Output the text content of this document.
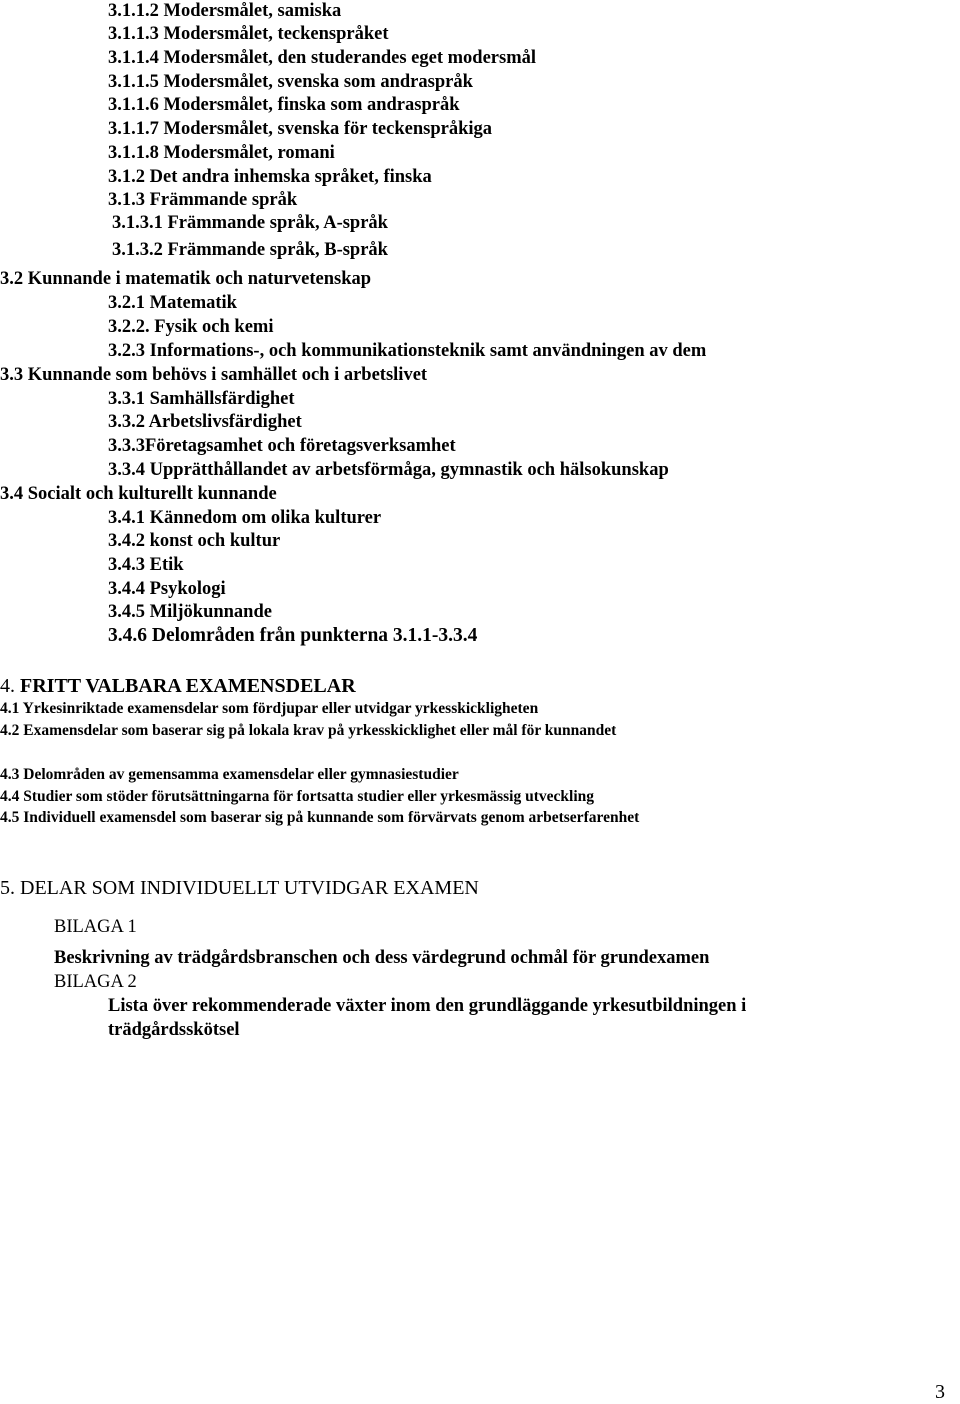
3.1.1.2 Modersmålet, samiska
3.1.1.3 Modersmålet, teckenspråket
3.1.1.4 Modersmålet, den studerandes eget modersmål
3.1.1.5 Modersmålet, svenska som andraspråk
3.1.1.6 Modersmålet, finska som andraspråk
3.1.1.7 Modersmålet, svenska för teckenspråkiga
3.1.1.8 Modersmålet, romani
3.1.2 Det andra inhemska språket, finska
3.1.3 Främmande språk
3.1.3.1 Främmande språk, A-språk
3.1.3.2 Främmande språk, B-språk
3.2 Kunnande i matematik och naturvetenskap
3.2.1 Matematik
3.2.2. Fysik och kemi
3.2.3 Informations-, och kommunikationsteknik samt användningen av dem
3.3 Kunnande som behövs i samhället och i arbetslivet
3.3.1 Samhällsfärdighet
3.3.2 Arbetslivsfärdighet
3.3.3Företagsamhet och företagsverksamhet
3.3.4 Upprätthållandet av arbetsförmåga, gymnastik och hälsokunskap
3.4 Socialt och kulturellt kunnande
3.4.1 Kännedom om olika kulturer
3.4.2 konst och kultur
3.4.3 Etik
3.4.4 Psykologi
3.4.5 Miljökunnande
3.4.6 Delområden från punkterna 3.1.1-3.3.4
4. FRITT VALBARA EXAMENSDELAR
4.1 Yrkesinriktade examensdelar som fördjupar eller utvidgar yrkesskickligheten
4.2 Examensdelar som baserar sig på lokala krav på yrkesskicklighet eller mål för kunnandet
4.3 Delområden av gemensamma examensdelar eller gymnasiestudier
4.4 Studier som stöder förutsättningarna för fortsatta studier eller yrkesmässig utveckling
4.5 Individuell examensdel som baserar sig på kunnande som förvärvats genom arbetserfarenhet
5. DELAR SOM INDIVIDUELLT UTVIDGAR EXAMEN
BILAGA 1
Beskrivning av trädgårdsbranschen och dess värdegrund ochmål för grundexamen
BILAGA 2
Lista över rekommenderade växter inom den grundläggande yrkesutbildningen i
trädgårdsskötsel
3
